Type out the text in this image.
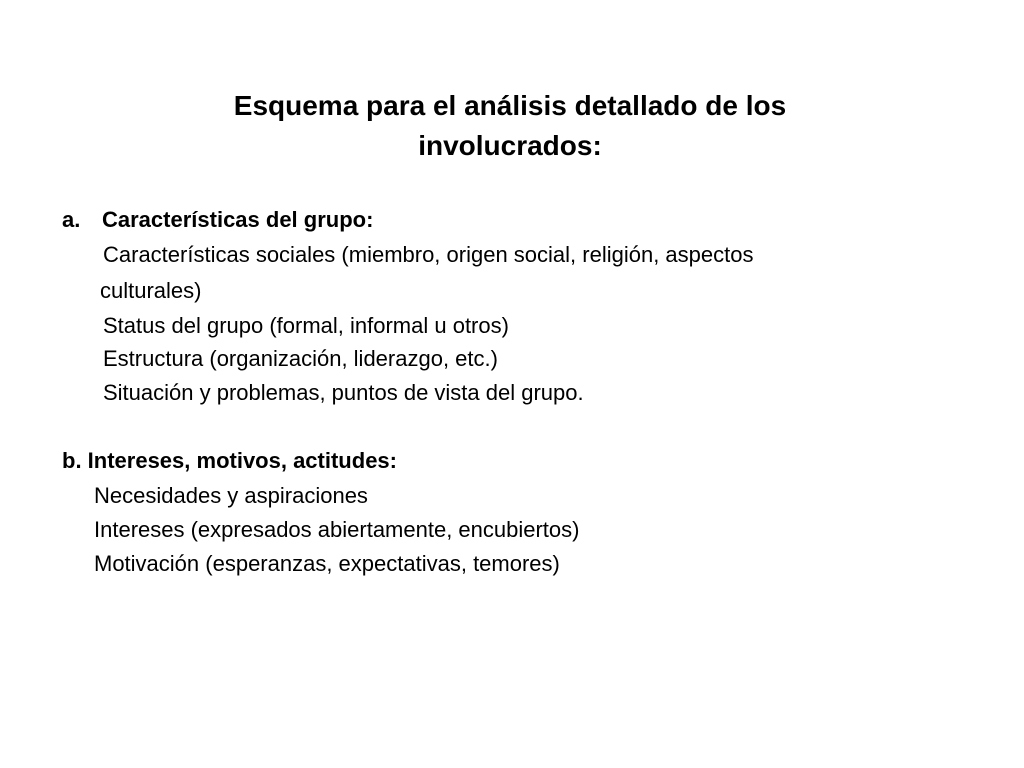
Esquema para el análisis detallado de los
involucrados:
a. Características del grupo:
Características sociales (miembro, origen social, religión, aspectos
culturales)
Status del grupo (formal, informal u otros)
Estructura (organización, liderazgo, etc.)
Situación y problemas, puntos de vista del grupo.
b. Intereses, motivos, actitudes:
Necesidades y aspiraciones
Intereses (expresados abiertamente, encubiertos)
Motivación (esperanzas, expectativas, temores)
